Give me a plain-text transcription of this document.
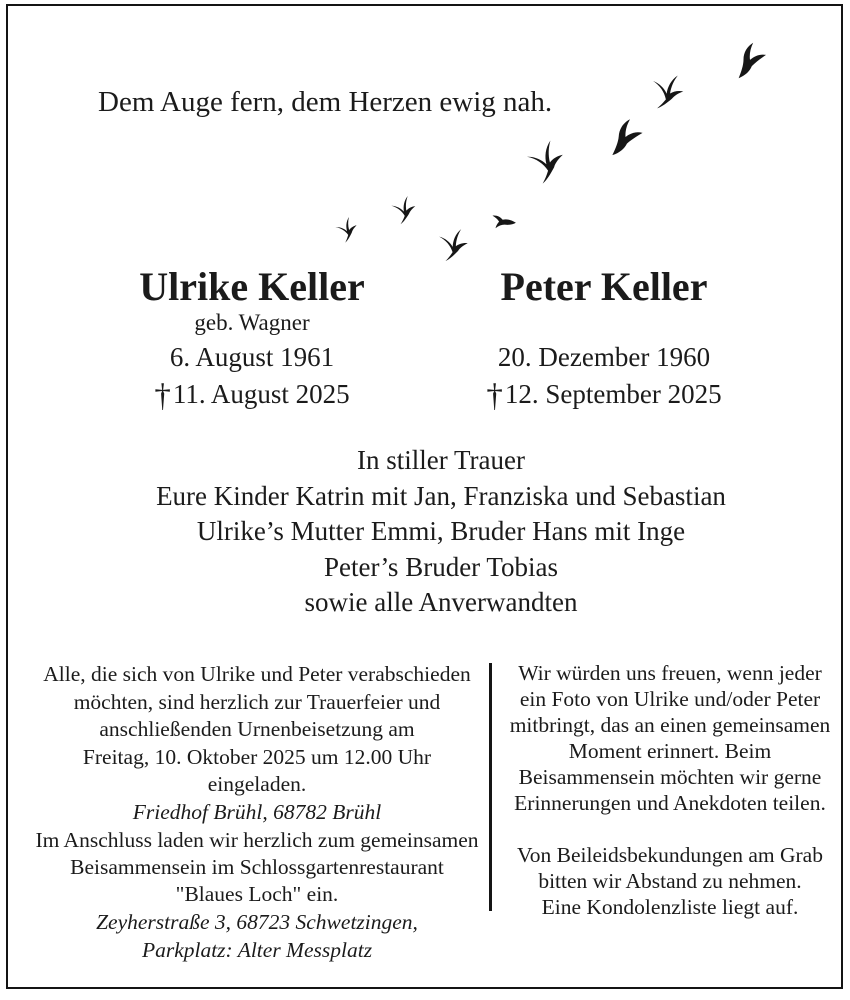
Dem Auge fern, dem Herzen ewig nah.
Ulrike Keller
geb. Wagner
6. August 1961
†11. August 2025
Peter Keller
20. Dezember 1960
†12. September 2025
In stiller Trauer
Eure Kinder Katrin mit Jan, Franziska und Sebastian
Ulrike’s Mutter Emmi, Bruder Hans mit Inge
Peter’s Bruder Tobias
sowie alle Anverwandten
Alle, die sich von Ulrike und Peter verabschieden
möchten, sind herzlich zur Trauerfeier und
anschließenden Urnenbeisetzung am
Freitag, 10. Oktober 2025 um 12.00 Uhr
eingeladen.
Friedhof Brühl, 68782 Brühl
Im Anschluss laden wir herzlich zum gemeinsamen
Beisammensein im Schlossgartenrestaurant
"Blaues Loch" ein.
Zeyherstraße 3, 68723 Schwetzingen,
Parkplatz: Alter Messplatz
Wir würden uns freuen, wenn jeder
ein Foto von Ulrike und/oder Peter
mitbringt, das an einen gemeinsamen
Moment erinnert. Beim
Beisammensein möchten wir gerne
Erinnerungen und Anekdoten teilen.
Von Beileidsbekundungen am Grab
bitten wir Abstand zu nehmen.
Eine Kondolenzliste liegt auf.
